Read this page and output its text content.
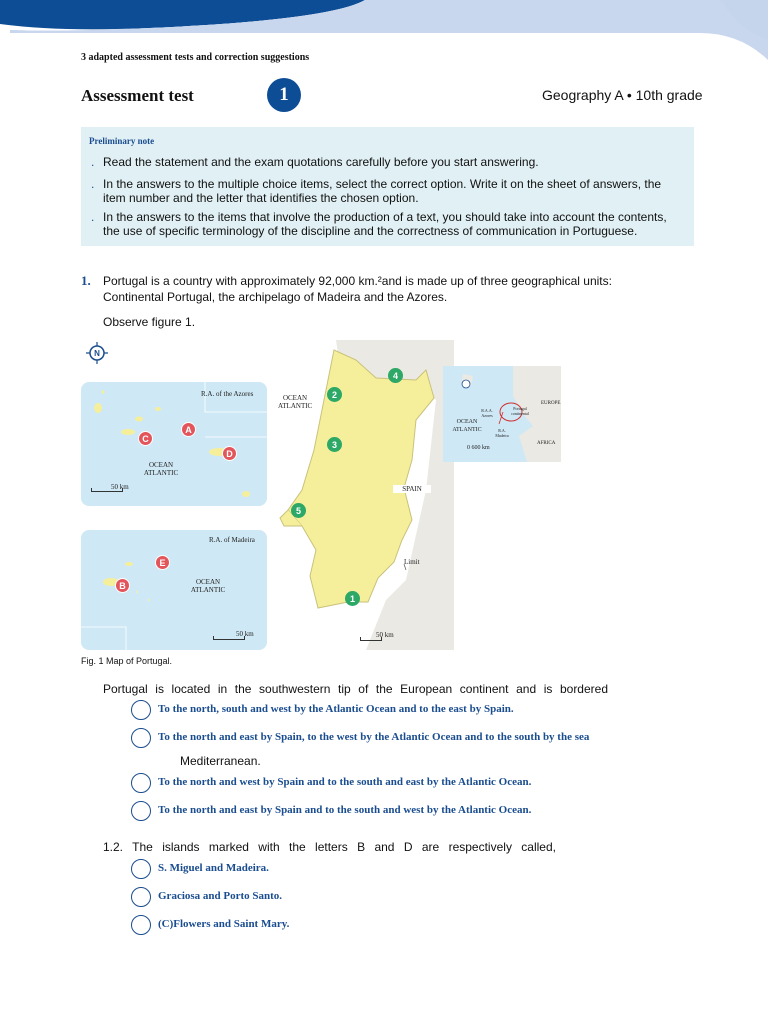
3 adapted assessment tests and correction suggestions
Assessment test	1	Geography A • 10th grade
Preliminary note
. Read the statement and the exam quotations carefully before you start answering.
. In the answers to the multiple choice items, select the correct option. Write it on the sheet of answers, the item number and the letter that identifies the chosen option.
. In the answers to the items that involve the production of a text, you should take into account the contents, the use of specific terminology of the discipline and the correctness of communication in Portuguese.
1. Portugal is a country with approximately 92,000 km.²and is made up of three geographical units: Continental Portugal, the archipelago of Madeira and the Azores.
Observe figure 1.
N
R.A. of the Azores
OCEAN ATLANTIC
50 km
A
C
D
R.A. of Madeira
OCEAN ATLANTIC
50 km
E
B
OCEAN ATLANTIC
SPAIN
Limit
50 km
1
2
3
4
5
EUROPE
AFRICA
OCEAN ATLANTIC
Portugal continental
R.A.A. Azores
R.A. Madeira
0 600 km
Fig. 1 Map of Portugal.
Portugal is located in the southwestern tip of the European continent and is bordered
To the north, south and west by the Atlantic Ocean and to the east by Spain.
To the north and east by Spain, to the west by the Atlantic Ocean and to the south by the sea
Mediterranean.
To the north and west by Spain and to the south and east by the Atlantic Ocean.
To the north and east by Spain and to the south and west by the Atlantic Ocean.
1.2. The islands marked with the letters B and D are respectively called,
S. Miguel and Madeira.
Graciosa and Porto Santo.
(C)Flowers and Saint Mary.
